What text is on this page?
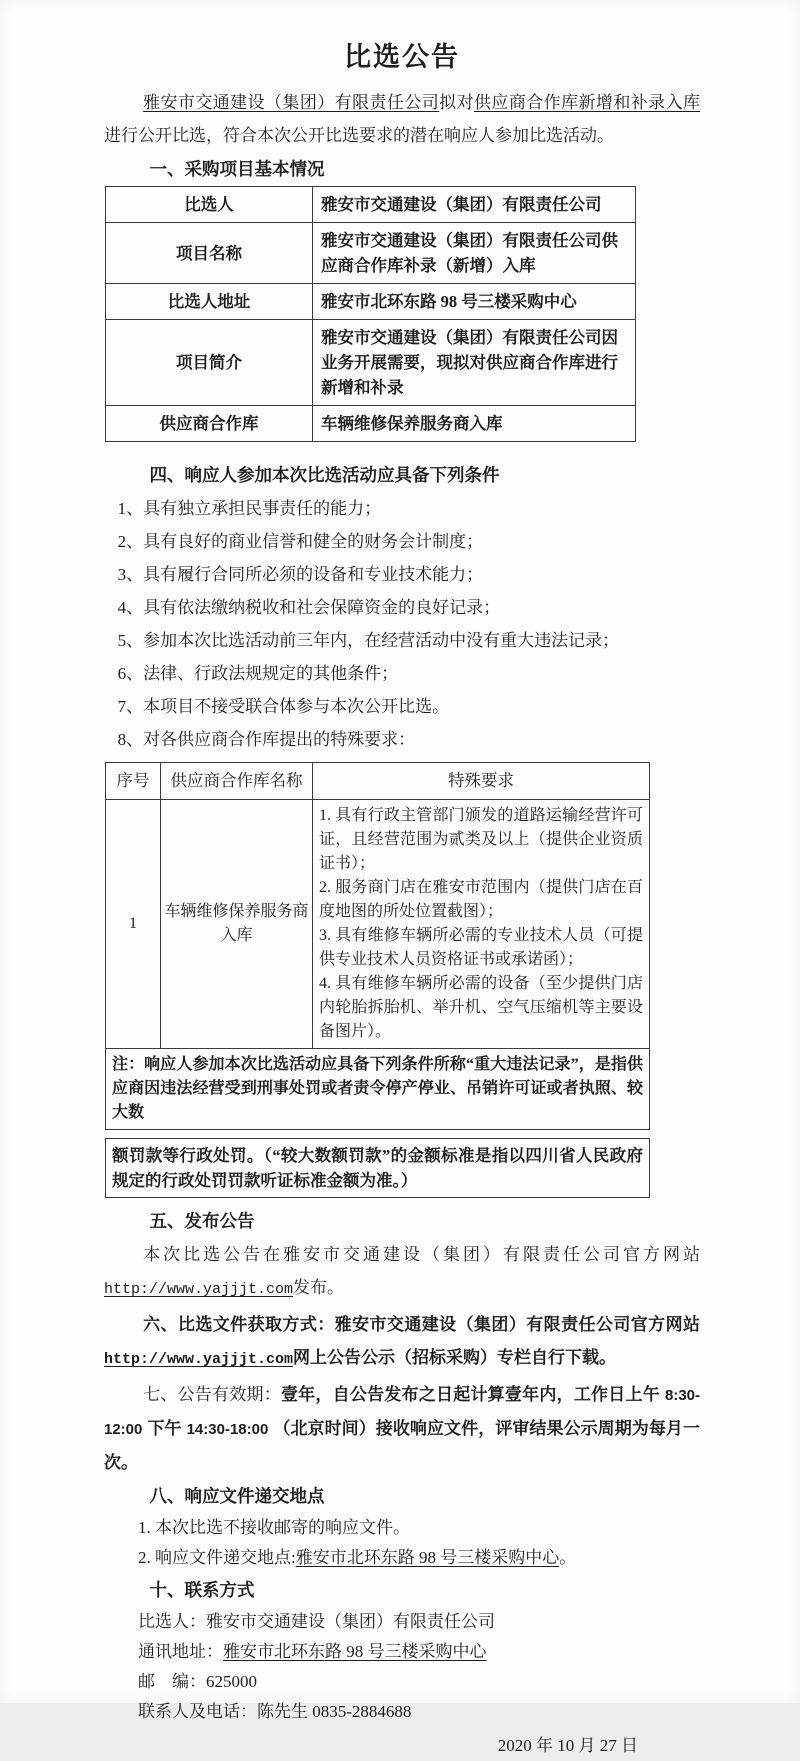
比选公告

雅安市交通建设（集团）有限责任公司拟对供应商合作库新增和补录入库进行公开比选，符合本次公开比选要求的潜在响应人参加比选活动。

一、采购项目基本情况
比选人	雅安市交通建设（集团）有限责任公司
项目名称	雅安市交通建设（集团）有限责任公司供应商合作库补录（新增）入库
比选人地址	雅安市北环东路 98 号三楼采购中心
项目简介	雅安市交通建设（集团）有限责任公司因业务开展需要，现拟对供应商合作库进行新增和补录
供应商合作库	车辆维修保养服务商入库
四、响应人参加本次比选活动应具备下列条件
1、具有独立承担民事责任的能力；
2、具有良好的商业信誉和健全的财务会计制度；
3、具有履行合同所必须的设备和专业技术能力；
4、具有依法缴纳税收和社会保障资金的良好记录；
5、参加本次比选活动前三年内，在经营活动中没有重大违法记录；
6、法律、行政法规规定的其他条件；
7、本项目不接受联合体参与本次公开比选。
8、对各供应商合作库提出的特殊要求：
序号	供应商合作库名称	特殊要求
1	车辆维修保养服务商入库	1. 具有行政主管部门颁发的道路运输经营许可证，且经营范围为贰类及以上（提供企业资质证书）；
2. 服务商门店在雅安市范围内（提供门店在百度地图的所处位置截图）；
3. 具有维修车辆所必需的专业技术人员（可提供专业技术人员资格证书或承诺函）；
4. 具有维修车辆所必需的设备（至少提供门店内轮胎拆胎机、举升机、空气压缩机等主要设备图片）。

注：响应人参加本次比选活动应具备下列条件所称“重大违法记录”，是指供应商因违法经营受到刑事处罚或者责令停产停业、吊销许可证或者执照、较大数		
额罚款等行政处罚。（“较大数额罚款”的金额标准是指以四川省人民政府规定的行政处罚罚款听证标准金额为准。）
五、发布公告

本次比选公告在雅安市交通建设（集团）有限责任公司官方网站http://www.yajjjt.com发布。

六、比选文件获取方式：雅安市交通建设（集团）有限责任公司官方网站http://www.yajjjt.com网上公告公示（招标采购）专栏自行下载。

七、公告有效期：壹年，自公告发布之日起计算壹年内，工作日上午 8:30-12:00 下午 14:30-18:00 （北京时间）接收响应文件，评审结果公示周期为每月一次。

八、响应文件递交地点

1. 本次比选不接收邮寄的响应文件。

2. 响应文件递交地点:雅安市北环东路 98 号三楼采购中心。

十、联系方式

比选人：雅安市交通建设（集团）有限责任公司

通讯地址：雅安市北环东路 98 号三楼采购中心

邮　编：625000

联系人及电话：陈先生 0835-2884688

2020 年 10 月 27 日
